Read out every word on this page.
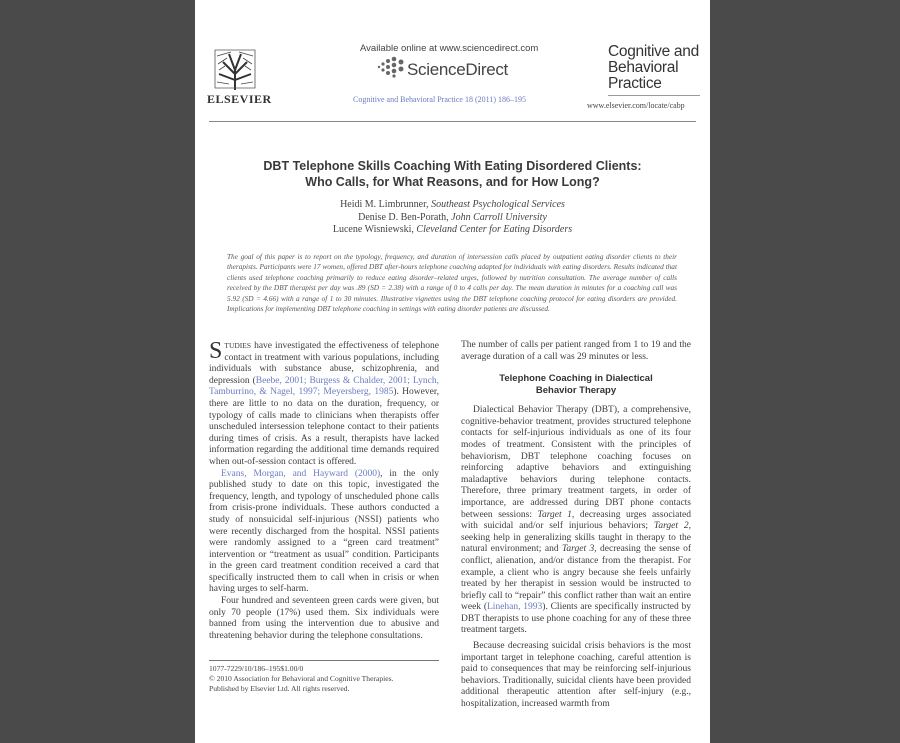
ELSEVIER
Available online at www.sciencedirect.com
ScienceDirect
Cognitive and Behavioral Practice 18 (2011) 186–195
Cognitive and
Behavioral
Practice
www.elsevier.com/locate/cabp
DBT Telephone Skills Coaching With Eating Disordered Clients:
Who Calls, for What Reasons, and for How Long?
Heidi M. Limbrunner, Southeast Psychological Services
Denise D. Ben-Porath, John Carroll University
Lucene Wisniewski, Cleveland Center for Eating Disorders
The goal of this paper is to report on the typology, frequency, and duration of intersession calls placed by outpatient eating disorder clients to their therapists. Participants were 17 women, offered DBT after-hours telephone coaching adapted for individuals with eating disorders. Results indicated that clients used telephone coaching primarily to reduce eating disorder–related urges, followed by nutrition consultation. The average number of calls received by the DBT therapist per day was .89 (SD = 2.38) with a range of 0 to 4 calls per day. The mean duration in minutes for a coaching call was 5.92 (SD = 4.66) with a range of 1 to 30 minutes. Illustrative vignettes using the DBT telephone coaching protocol for eating disorders are provided. Implications for implementing DBT telephone coaching in settings with eating disorder patients are discussed.

STUDIES have investigated the effectiveness of telephone contact in treatment with various populations, including individuals with substance abuse, schizophrenia, and depression (Beebe, 2001; Burgess & Chalder, 2001; Lynch, Tamburrino, & Nagel, 1997; Meyersberg, 1985). However, there are little to no data on the duration, frequency, or typology of calls made to clinicians when therapists offer unscheduled intersession telephone contact to their patients during times of crisis. As a result, therapists have lacked information regarding the additional time demands required when out-of-session contact is offered.

Evans, Morgan, and Hayward (2000), in the only published study to date on this topic, investigated the frequency, length, and typology of unscheduled phone calls from crisis-prone individuals. These authors conducted a study of nonsuicidal self-injurious (NSSI) patients who were recently discharged from the hospital. NSSI patients were randomly assigned to a “green card treatment” intervention or “treatment as usual” condition. Participants in the green card treatment condition received a card that specifically instructed them to call when in crisis or when having urges to self-harm.

Four hundred and seventeen green cards were given, but only 70 people (17%) used them. Six individuals were banned from using the intervention due to abusive and threatening behavior during the telephone consultations.

1077-7229/10/186–195$1.00/0
© 2010 Association for Behavioral and Cognitive Therapies.
Published by Elsevier Ltd. All rights reserved.

The number of calls per patient ranged from 1 to 19 and the average duration of a call was 29 minutes or less.

Telephone Coaching in Dialectical
Behavior Therapy

Dialectical Behavior Therapy (DBT), a comprehensive, cognitive-behavior treatment, provides structured telephone contacts for self-injurious individuals as one of its four modes of treatment. Consistent with the principles of behaviorism, DBT telephone coaching focuses on reinforcing adaptive behaviors and extinguishing maladaptive behaviors during telephone contacts. Therefore, three primary treatment targets, in order of importance, are addressed during DBT phone contacts between sessions: Target 1, decreasing urges associated with suicidal and/or self injurious behaviors; Target 2, seeking help in generalizing skills taught in therapy to the natural environment; and Target 3, decreasing the sense of conflict, alienation, and/or distance from the therapist. For example, a client who is angry because she feels unfairly treated by her therapist in session would be instructed to briefly call to “repair” this conflict rather than wait an entire week (Linehan, 1993). Clients are specifically instructed by DBT therapists to use phone coaching for any of these three treatment targets.

Because decreasing suicidal crisis behaviors is the most important target in telephone coaching, careful attention is paid to consequences that may be reinforcing self-injurious behaviors. Traditionally, suicidal clients have been provided additional therapeutic attention after self-injury (e.g., hospitalization, increased warmth from
